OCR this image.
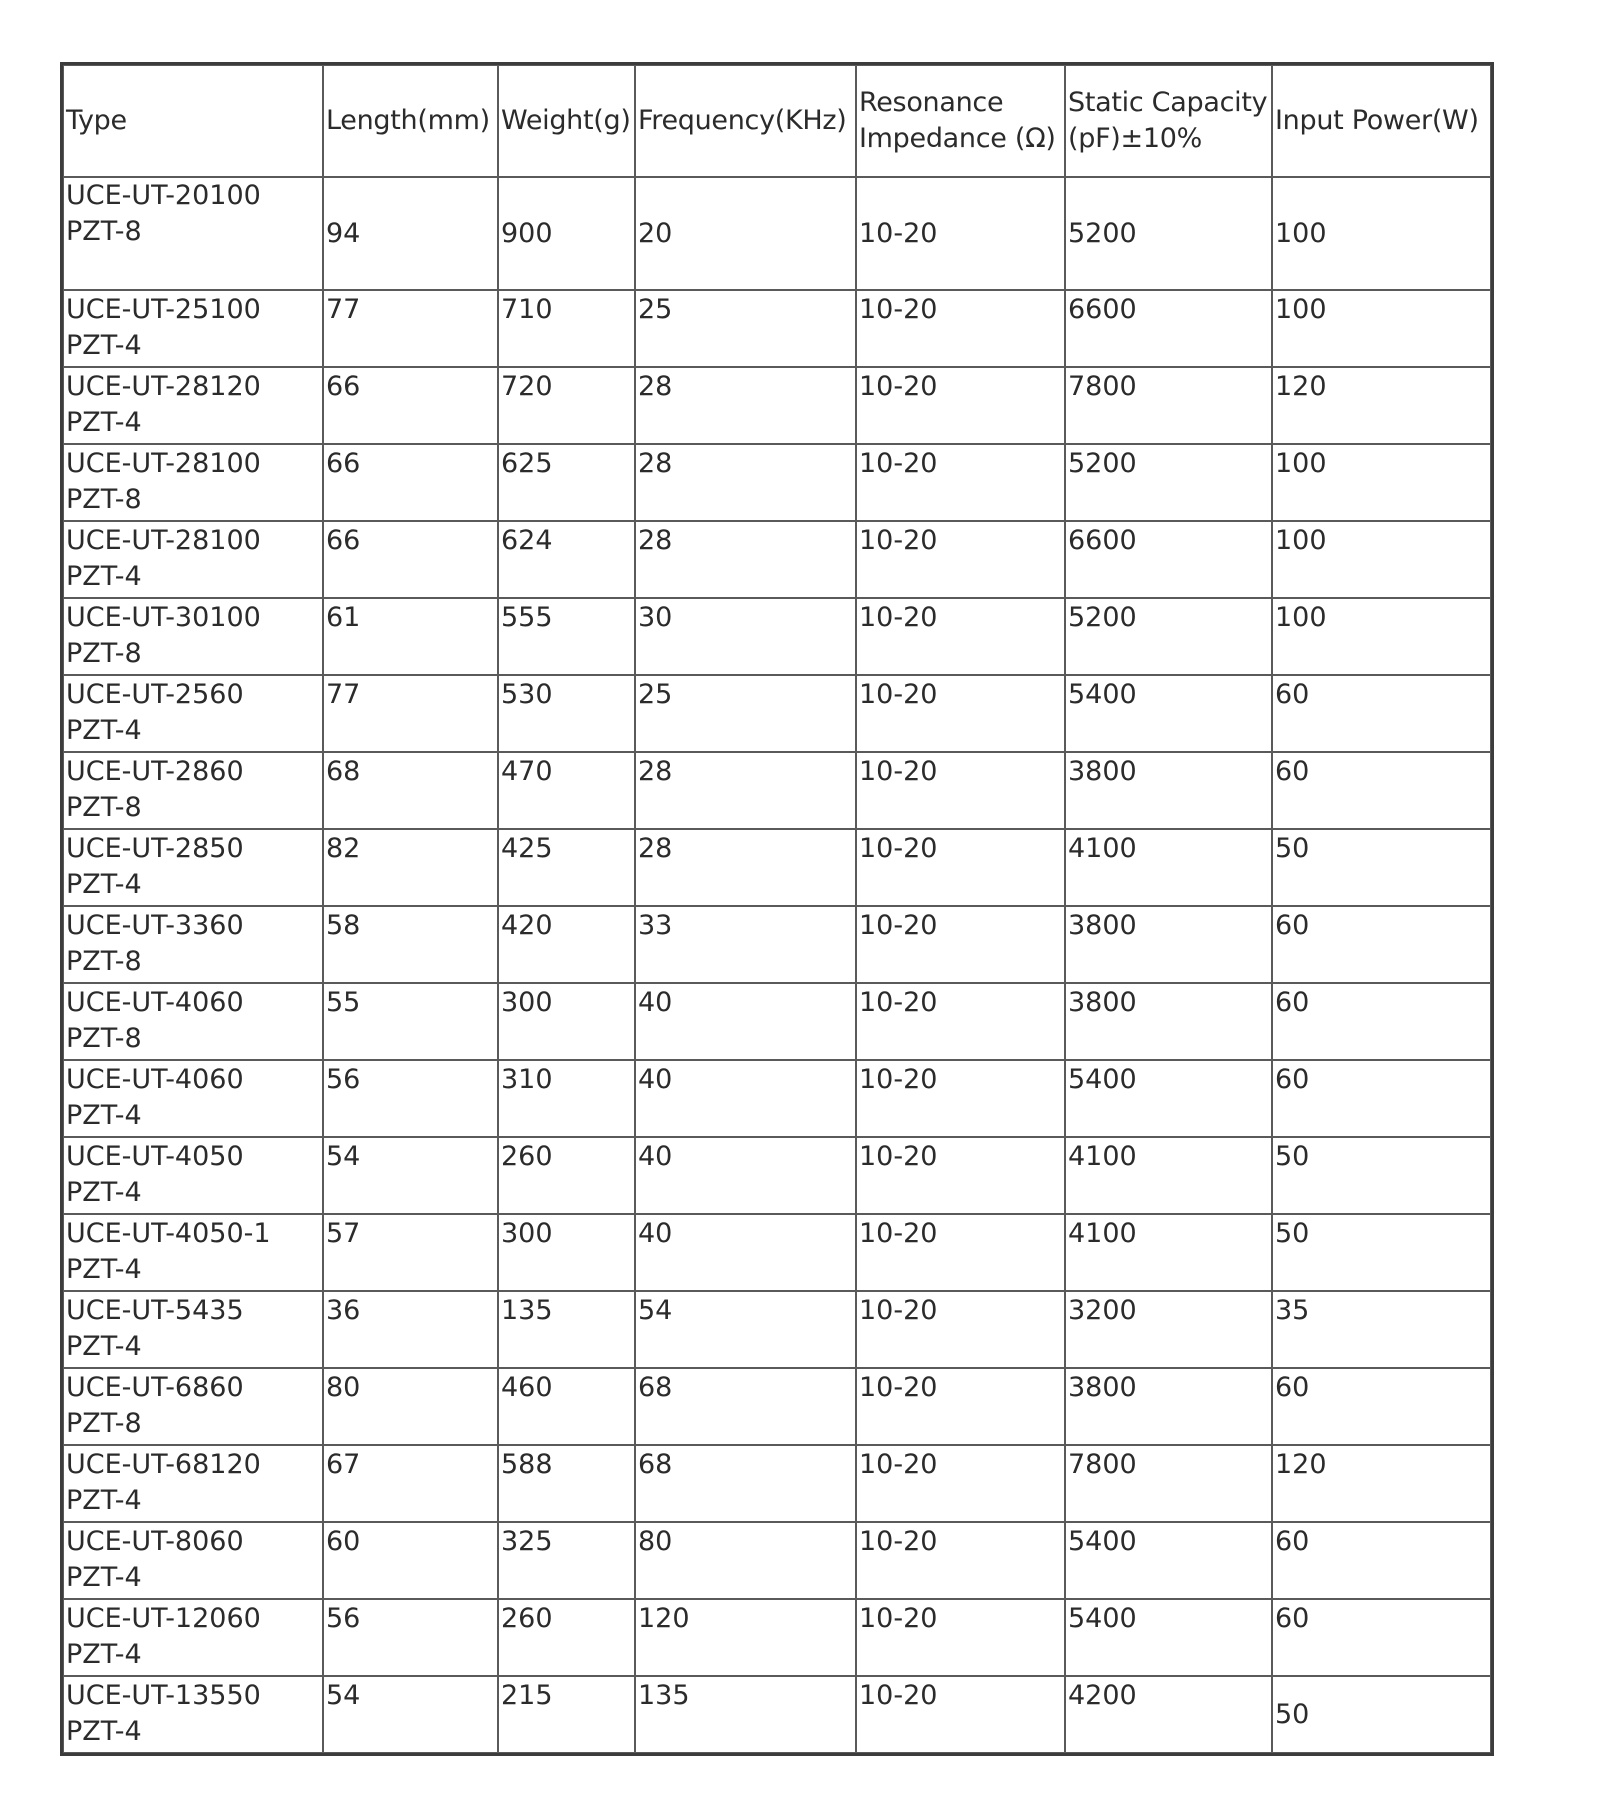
Type	Length(mm)	Weight(g)	Frequency(KHz)	Resonance Impedance (Ω)	Static Capacity (pF)±10%	Input Power(W)

UCE-UT-20100
PZT-8	94	900	20	10-20	5200	100

UCE-UT-25100
PZT-4	77	710	25	10-20	6600	100

UCE-UT-28120
PZT-4	66	720	28	10-20	7800	120

UCE-UT-28100
PZT-8	66	625	28	10-20	5200	100

UCE-UT-28100
PZT-4	66	624	28	10-20	6600	100

UCE-UT-30100
PZT-8	61	555	30	10-20	5200	100

UCE-UT-2560
PZT-4	77	530	25	10-20	5400	60

UCE-UT-2860
PZT-8	68	470	28	10-20	3800	60

UCE-UT-2850
PZT-4	82	425	28	10-20	4100	50

UCE-UT-3360
PZT-8	58	420	33	10-20	3800	60

UCE-UT-4060
PZT-8	55	300	40	10-20	3800	60

UCE-UT-4060
PZT-4	56	310	40	10-20	5400	60

UCE-UT-4050
PZT-4	54	260	40	10-20	4100	50

UCE-UT-4050-1
PZT-4	57	300	40	10-20	4100	50

UCE-UT-5435
PZT-4	36	135	54	10-20	3200	35

UCE-UT-6860
PZT-8	80	460	68	10-20	3800	60

UCE-UT-68120
PZT-4	67	588	68	10-20	7800	120

UCE-UT-8060
PZT-4	60	325	80	10-20	5400	60

UCE-UT-12060
PZT-4	56	260	120	10-20	5400	60

UCE-UT-13550
PZT-4	54	215	135	10-20	4200	50
